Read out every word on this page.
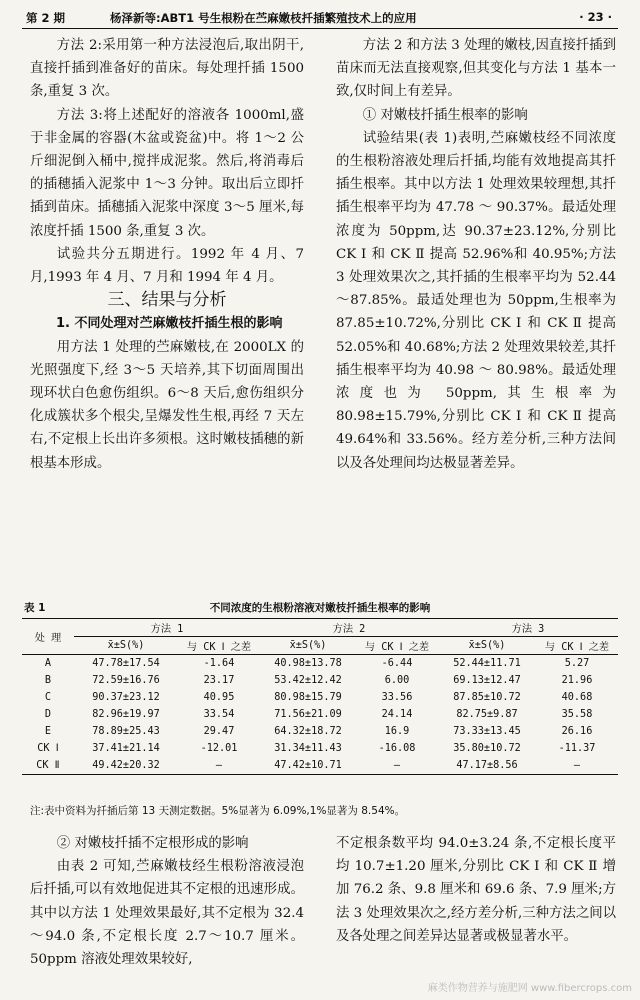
第 2 期	杨泽新等:ABT1 号生根粉在苎麻嫩枝扦插繁殖技术上的应用	· 23 ·

方法 2:采用第一种方法浸泡后,取出阴干,直接扦插到准备好的苗床。每处理扦插 1500 条,重复 3 次。

方法 3:将上述配好的溶液各 1000ml,盛于非金属的容器(木盆或瓷盆)中。将 1～2 公斤细泥倒入桶中,搅拌成泥浆。然后,将消毒后的插穗插入泥浆中 1～3 分钟。取出后立即扦插到苗床。插穗插入泥浆中深度 3～5 厘米,每浓度扦插 1500 条,重复 3 次。

试验共分五期进行。1992 年 4 月、7 月,1993 年 4 月、7 月和 1994 年 4 月。

三、结果与分析

1. 不同处理对苎麻嫩枝扦插生根的影响

用方法 1 处理的苎麻嫩枝,在 2000LX 的光照强度下,经 3～5 天培养,其下切面周围出现环状白色愈伤组织。6～8 天后,愈伤组织分化成簇状多个根尖,呈爆发性生根,再经 7 天左右,不定根上长出许多须根。这时嫩枝插穗的新根基本形成。

方法 2 和方法 3 处理的嫩枝,因直接扦插到苗床而无法直接观察,但其变化与方法 1 基本一致,仅时间上有差异。

① 对嫩枝扦插生根率的影响

试验结果(表 1)表明,苎麻嫩枝经不同浓度的生根粉溶液处理后扦插,均能有效地提高其扦插生根率。其中以方法 1 处理效果较理想,其扦插生根率平均为 47.78 ～ 90.37%。最适处理浓度为 50ppm,达 90.37±23.12%,分别比 CK Ⅰ 和 CK Ⅱ 提高 52.96%和 40.95%;方法 3 处理效果次之,其扦插的生根率平均为 52.44～87.85%。最适处理也为 50ppm,生根率为 87.85±10.72%,分别比 CK Ⅰ 和 CK Ⅱ 提高 52.05%和 40.68%;方法 2 处理效果较差,其扦插生根率平均为 40.98 ～ 80.98%。最适处理浓度也为 50ppm,其生根率为 80.98±15.79%,分别比 CK Ⅰ 和 CK Ⅱ 提高 49.64%和 33.56%。经方差分析,三种方法间以及各处理间均达极显著差异。

不同浓度的生根粉溶液对嫩枝扦插生根率的影响
表 1
处 理	方法 1		方法 2		方法 3	
	x̄±S(%)	与 CK Ⅰ 之差	x̄±S(%)	与 CK Ⅰ 之差	x̄±S(%)	与 CK Ⅰ 之差
A	47.78±17.54	-1.64	40.98±13.78	-6.44	52.44±11.71	5.27
B	72.59±16.76	23.17	53.42±12.42	6.00	69.13±12.47	21.96
C	90.37±23.12	40.95	80.98±15.79	33.56	87.85±10.72	40.68
D	82.96±19.97	33.54	71.56±21.09	24.14	82.75±9.87	35.58
E	78.89±25.43	29.47	64.32±18.72	16.9	73.33±13.45	26.16
CK Ⅰ	37.41±21.14	-12.01	31.34±11.43	-16.08	35.80±10.72	-11.37
CK Ⅱ	49.42±20.32	—	47.42±10.71	—	47.17±8.56	—
注:表中资料为扦插后第 13 天测定数据。5%显著为 6.09%,1%显著为 8.54%。

② 对嫩枝扦插不定根形成的影响

由表 2 可知,苎麻嫩枝经生根粉溶液浸泡后扦插,可以有效地促进其不定根的迅速形成。其中以方法 1 处理效果最好,其不定根为 32.4～94.0 条,不定根长度 2.7～10.7 厘米。50ppm 溶液处理效果较好,

不定根条数平均 94.0±3.24 条,不定根长度平均 10.7±1.20 厘米,分别比 CK Ⅰ 和 CK Ⅱ 增加 76.2 条、9.8 厘米和 69.6 条、7.9 厘米;方法 3 处理效果次之,经方差分析,三种方法之间以及各处理之间差异达显著或极显著水平。

麻类作物营养与施肥网 www.fibercrops.com
